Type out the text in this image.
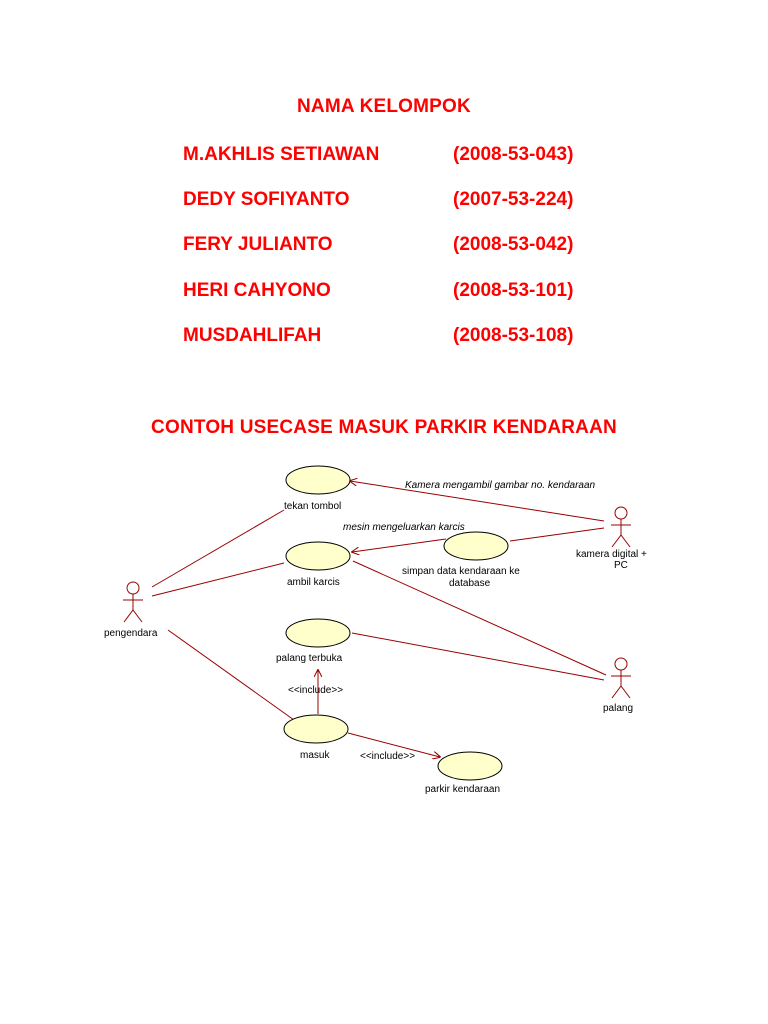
NAMA KELOMPOK
M.AKHLIS SETIAWAN	(2008-53-043)
DEDY SOFIYANTO	(2007-53-224)
FERY JULIANTO	(2008-53-042)
HERI CAHYONO	(2008-53-101)
MUSDAHLIFAH	(2008-53-108)
CONTOH USECASE MASUK PARKIR KENDARAAN
tekan tombol
ambil karcis
simpan data kendaraan ke
database
palang terbuka
masuk
parkir kendaraan
pengendara
kamera digital +
PC
palang
Kamera mengambil gambar no. kendaraan
mesin mengeluarkan karcis
<<include>>
<<include>>
